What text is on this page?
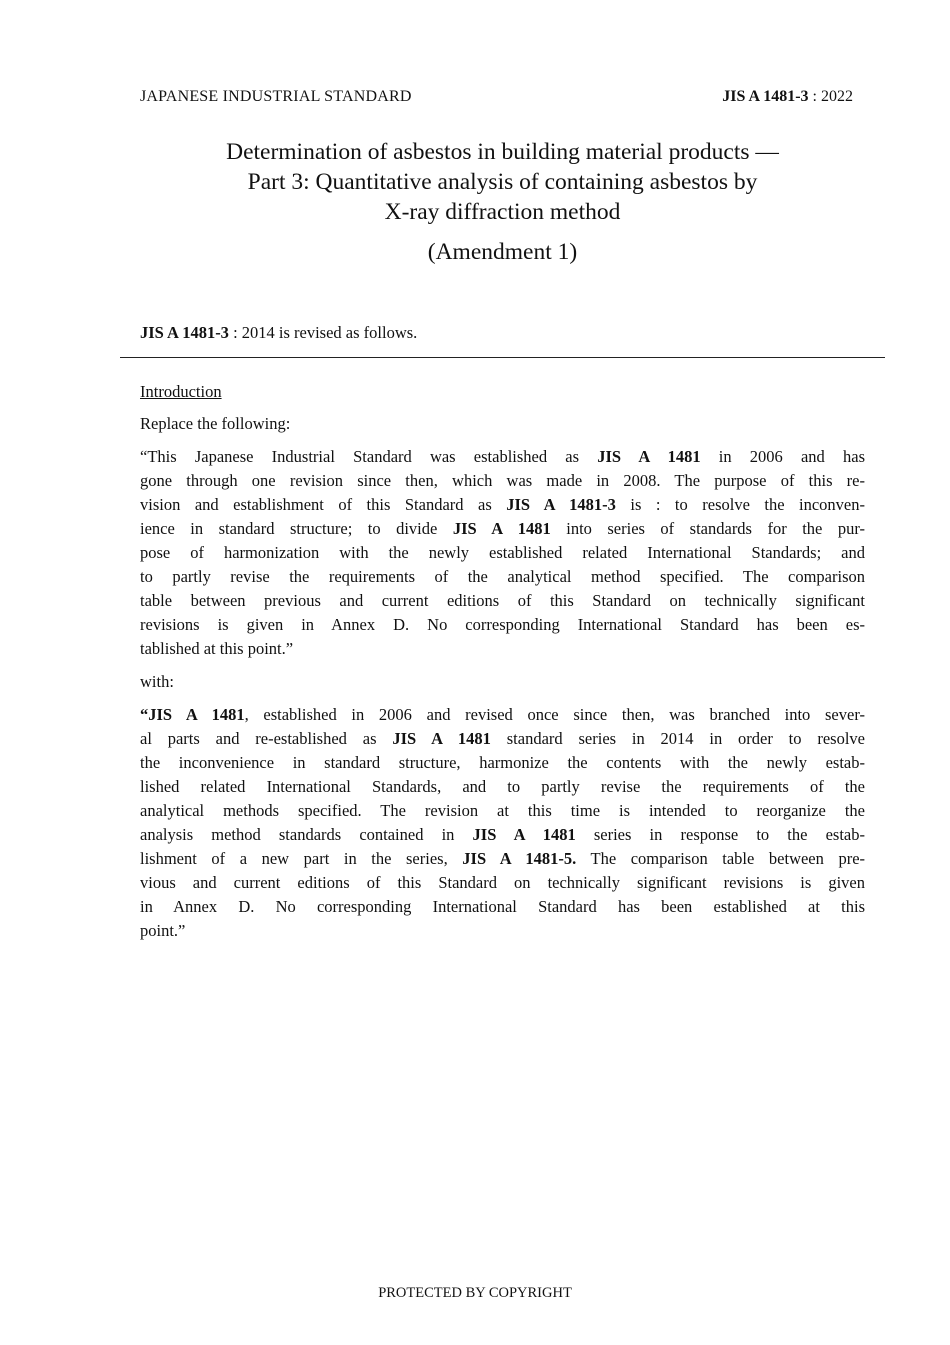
JAPANESE INDUSTRIAL STANDARD	JIS A 1481-3 : 2022
Determination of asbestos in building material products —
Part 3: Quantitative analysis of containing asbestos by
X-ray diffraction method
(Amendment 1)
JIS A 1481-3 : 2014 is revised as follows.
Introduction
Replace the following:
“This Japanese Industrial Standard was established as JIS A 1481 in 2006 and has
gone through one revision since then, which was made in 2008. The purpose of this re-
vision and establishment of this Standard as JIS A 1481-3 is : to resolve the inconven-
ience in standard structure; to divide JIS A 1481 into series of standards for the pur-
pose of harmonization with the newly established related International Standards; and
to partly revise the requirements of the analytical method specified. The comparison
table between previous and current editions of this Standard on technically significant
revisions is given in Annex D. No corresponding International Standard has been es-
tablished at this point.”
with:
“JIS A 1481, established in 2006 and revised once since then, was branched into sever-
al parts and re-established as JIS A 1481 standard series in 2014 in order to resolve
the inconvenience in standard structure, harmonize the contents with the newly estab-
lished related International Standards, and to partly revise the requirements of the
analytical methods specified. The revision at this time is intended to reorganize the
analysis method standards contained in JIS A 1481 series in response to the estab-
lishment of a new part in the series, JIS A 1481-5. The comparison table between pre-
vious and current editions of this Standard on technically significant revisions is given
in Annex D. No corresponding International Standard has been established at this
point.”
PROTECTED BY COPYRIGHT
